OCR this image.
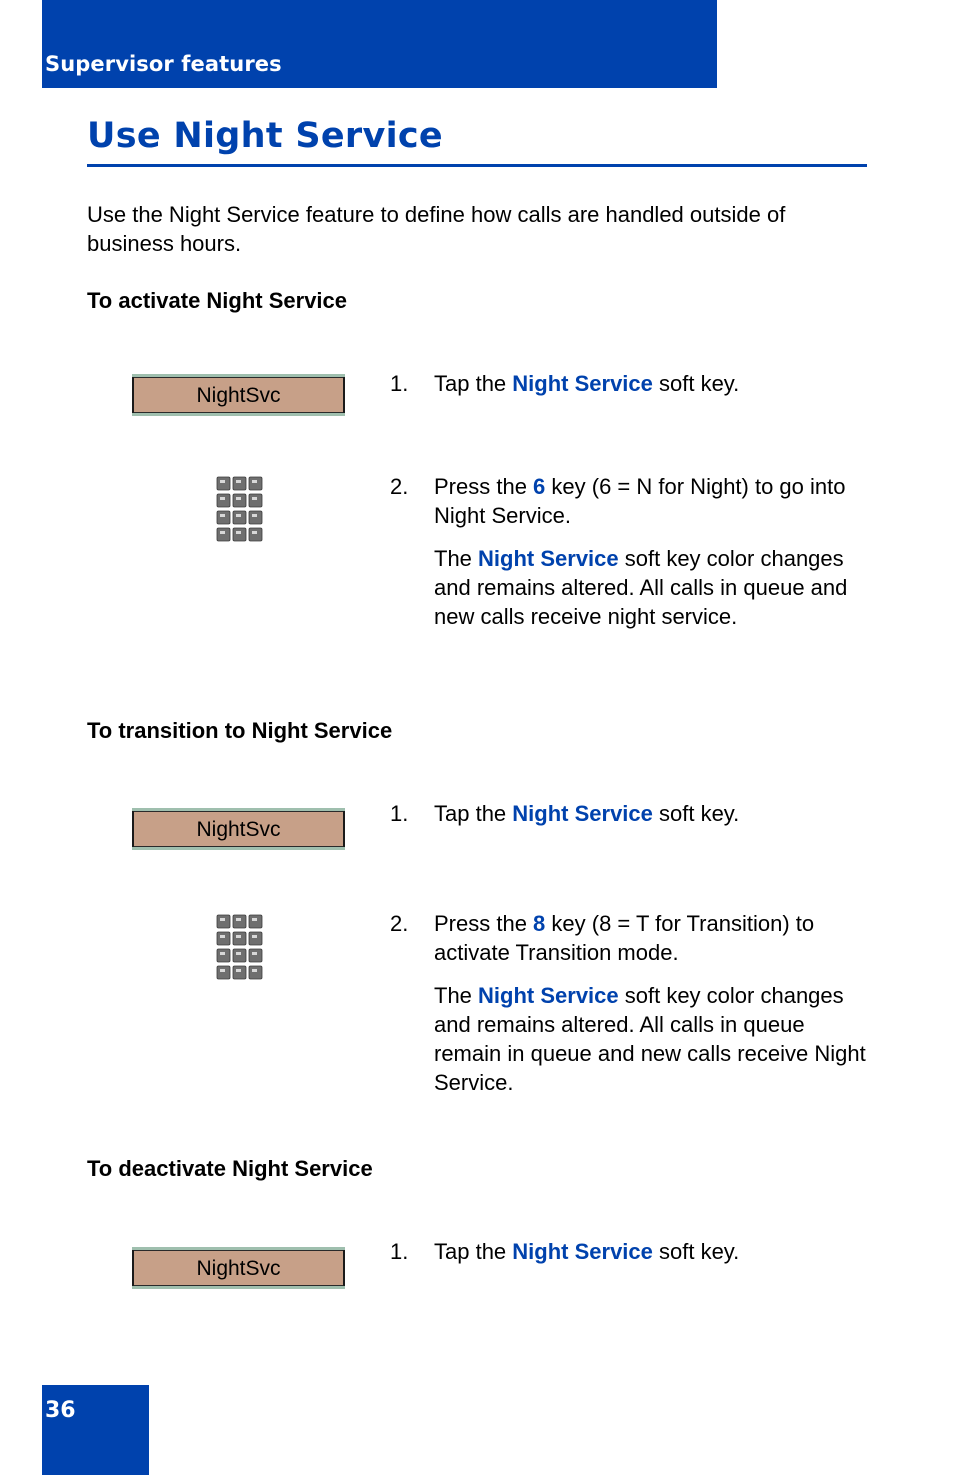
Supervisor features
Use Night Service

Use the Night Service feature to define how calls are handled outside of business hours.

To activate Night Service
NightSvc	1. Tap the Night Service soft key.

2. Press the 6 key (6 = N for Night) to go into Night Service.

The Night Service soft key color changes and remains altered. All calls in queue and new calls receive night service.

To transition to Night Service
NightSvc
1. Tap the Night Service soft key.

2. Press the 8 key (8 = T for Transition) to activate Transition mode.

The Night Service soft key color changes and remains altered. All calls in queue remain in queue and new calls receive Night Service.

To deactivate Night Service
NightSvc
1. Tap the Night Service soft key.

36
